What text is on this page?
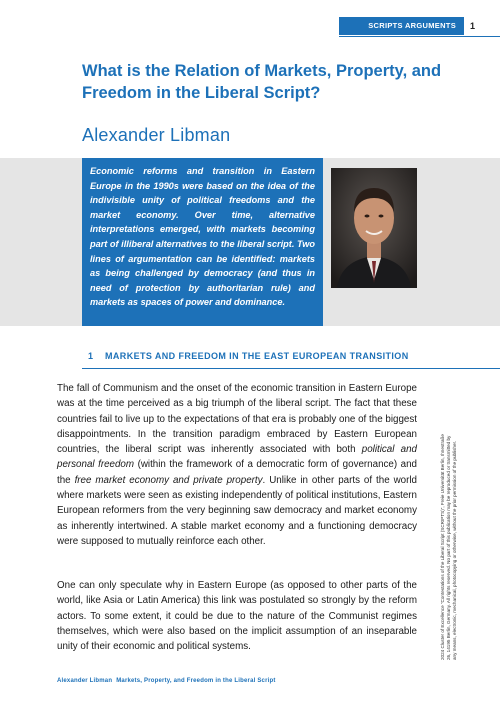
SCRIPTS ARGUMENTS	1
What is the Relation of Markets, Property, and Freedom in the Liberal Script?
Alexander Libman
Economic reforms and transition in Eastern Europe in the 1990s were based on the idea of the indivisible unity of political freedoms and the market economy. Over time, alternative interpretations emerged, with markets becoming part of illiberal alternatives to the liberal script. Two lines of argumentation can be identified: markets as being challenged by democracy (and thus in need of protection by authoritarian rule) and markets as spaces of power and dominance.
1 MARKETS AND FREEDOM IN THE EAST EUROPEAN TRANSITION
The fall of Communism and the onset of the economic transition in Eastern Europe was at the time perceived as a big triumph of the liberal script. The fact that these countries fail to live up to the expectations of that era is probably one of the biggest disappointments. In the transition paradigm embraced by Eastern European countries, the liberal script was inherently associated with both political and personal freedom (within the framework of a democratic form of governance) and the free market economy and private property. Unlike in other parts of the world where markets were seen as existing independently of political institutions, Eastern European reformers from the very beginning saw democracy and market economy as inherently intertwined. A stable market economy and a functioning democracy were supposed to mutually reinforce each other.
One can only speculate why in Eastern Europe (as opposed to other parts of the world, like Asia or Latin America) this link was postulated so strongly by the reform actors. To some extent, it could be due to the nature of the Communist regimes themselves, which were also based on the implicit assumption of an inseparable unity of their economic and political systems.	2024 Cluster of Excellence "Contestations of the Liberal Script (SCRIPTS)", Freie Universität Berlin, Ihnestraße 26, 14195 Berlin, Germany. All rights reserved. No part of this publication may be reproduced or transmitted by any means, electronic, mechanical, photocopying or otherwise, without the prior permission of the publisher.
Alexander Libman Markets, Property, and Freedom in the Liberal Script
